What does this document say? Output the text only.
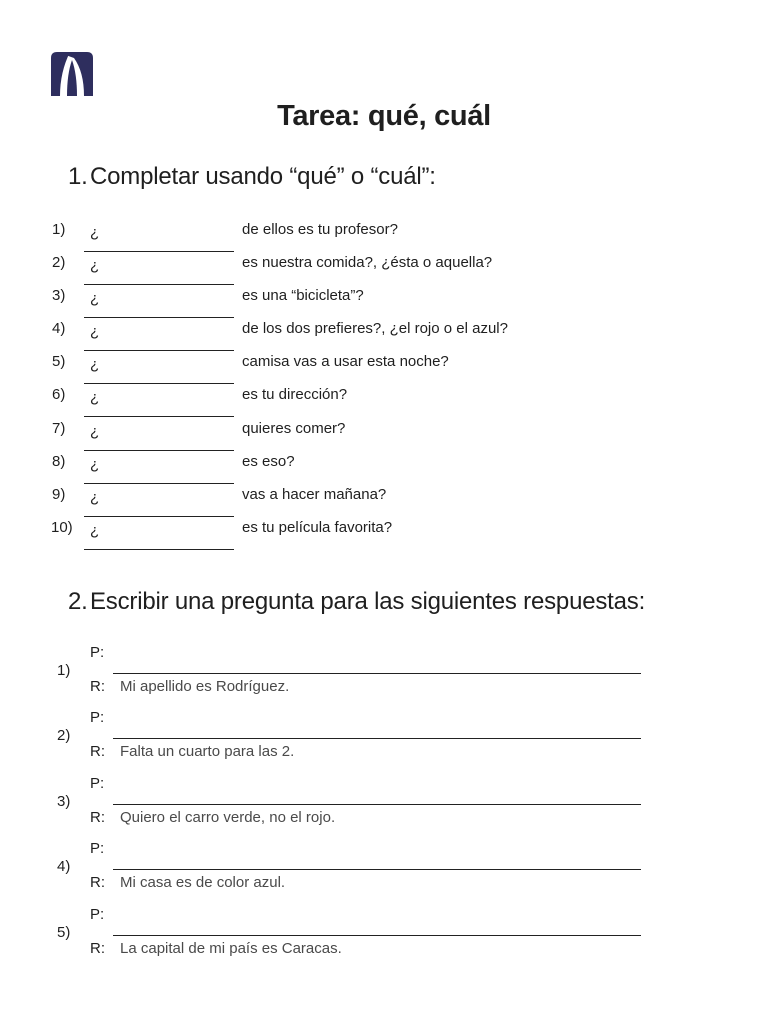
Tarea: qué, cuál
1.Completar usando “qué” o “cuál”:
1) ¿	de ellos es tu profesor?
2) ¿	es nuestra comida?, ¿ésta o aquella?
3) ¿	es una “bicicleta”?
4) ¿	de los dos prefieres?, ¿el rojo o el azul?
5) ¿	camisa vas a usar esta noche?
6) ¿	es tu dirección?
7) ¿	quieres comer?
8) ¿	es eso?
9) ¿	vas a hacer mañana?
10) ¿	es tu película favorita?
2.Escribir una pregunta para las siguientes respuestas:
1)
P:
R: Mi apellido es Rodríguez.
2)
P:
R: Falta un cuarto para las 2.
3)
P:
R: Quiero el carro verde, no el rojo.
4)
P:
R: Mi casa es de color azul.
5)
P:
R: La capital de mi país es Caracas.
